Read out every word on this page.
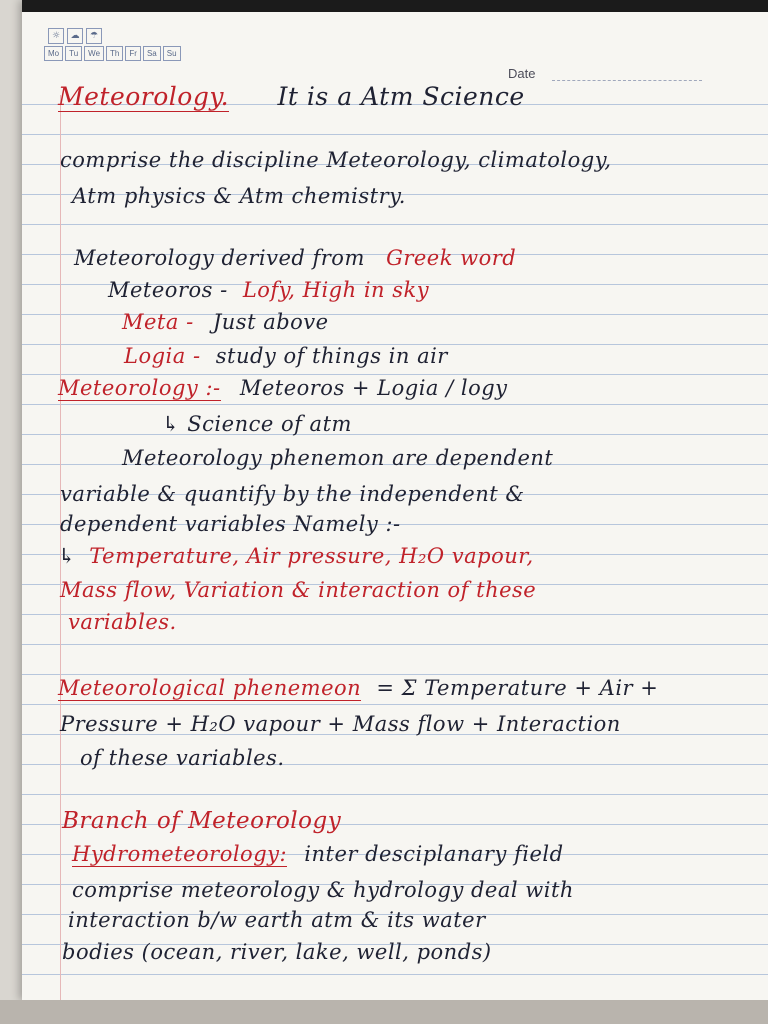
☼	☁	☂
Mo	Tu	We	Th	Fr	Sa	Su
Date
Meteorology. It is a Atm Science
comprise the discipline Meteorology, climatology,
Atm physics & Atm chemistry.
Meteorology derived from Greek word
Meteoros - Lofy, High in sky
Meta - Just above
Logia - study of things in air
Meteorology :- Meteoros + Logia / logy
↳ Science of atm
Meteorology phenemon are dependent
variable & quantify by the independent &
dependent variables Namely :-
↳ Temperature, Air pressure, H₂O vapour,
Mass flow, Variation & interaction of these
variables.
Meteorological phenemeon = Σ Temperature + Air +
Pressure + H₂O vapour + Mass flow + Interaction
of these variables.
Branch of Meteorology
Hydrometeorology: inter desciplanary field
comprise meteorology & hydrology deal with
interaction b/w earth atm & its water
bodies (ocean, river, lake, well, ponds)
